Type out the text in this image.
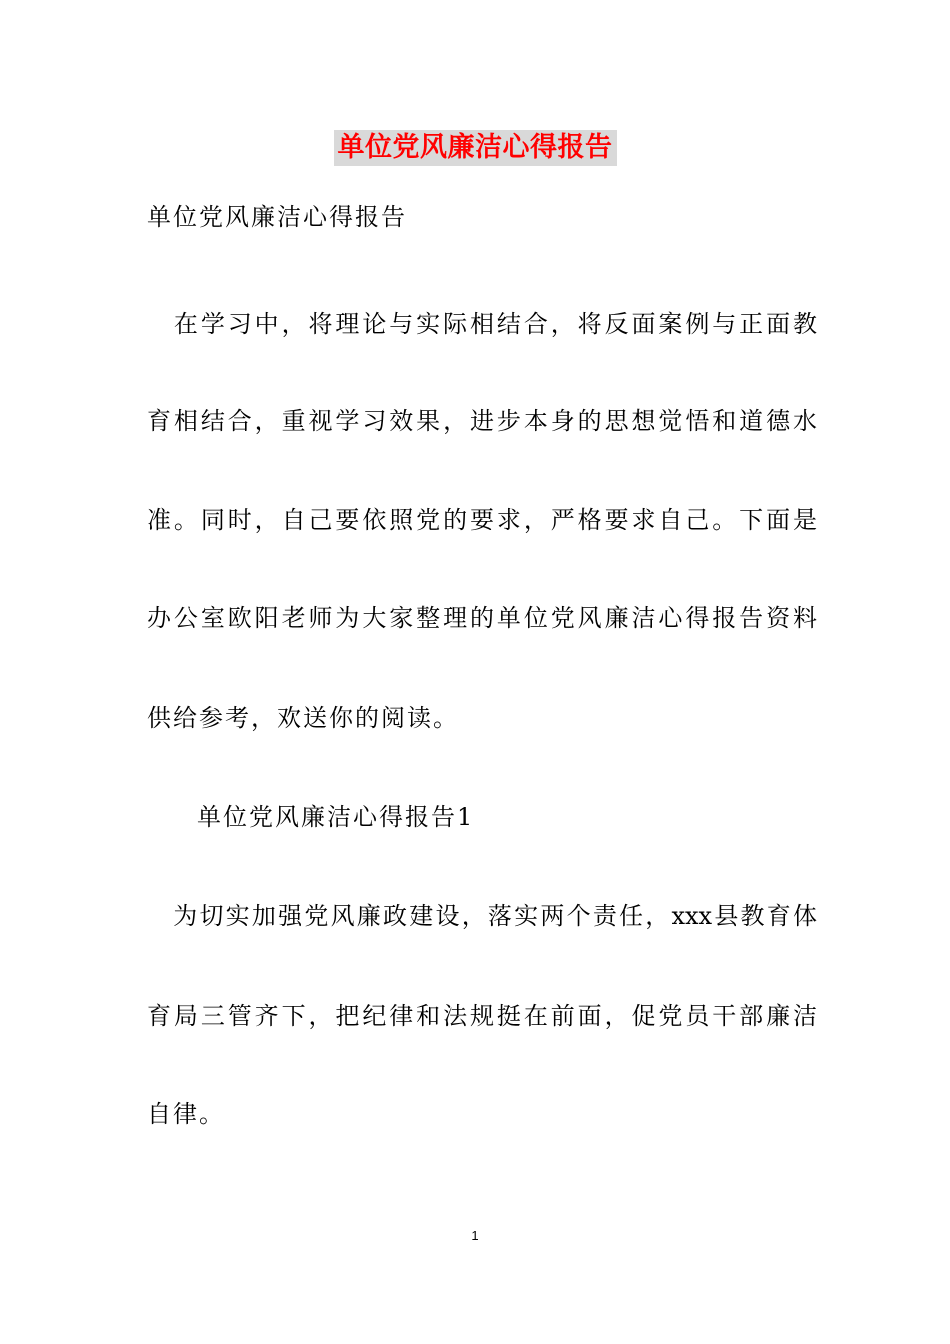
单位党风廉洁心得报告
单位党风廉洁心得报告
　在学习中，将理论与实际相结合，将反面案例与正面教
育相结合，重视学习效果，进步本身的思想觉悟和道德水
准。同时，自己要依照党的要求，严格要求自己。下面是
办公室欧阳老师为大家整理的单位党风廉洁心得报告资料
供给参考，欢送你的阅读。
　单位党风廉洁心得报告1
　为切实加强党风廉政建设，落实两个责任，xxx县教育体
育局三管齐下，把纪律和法规挺在前面，促党员干部廉洁
自律。
1
